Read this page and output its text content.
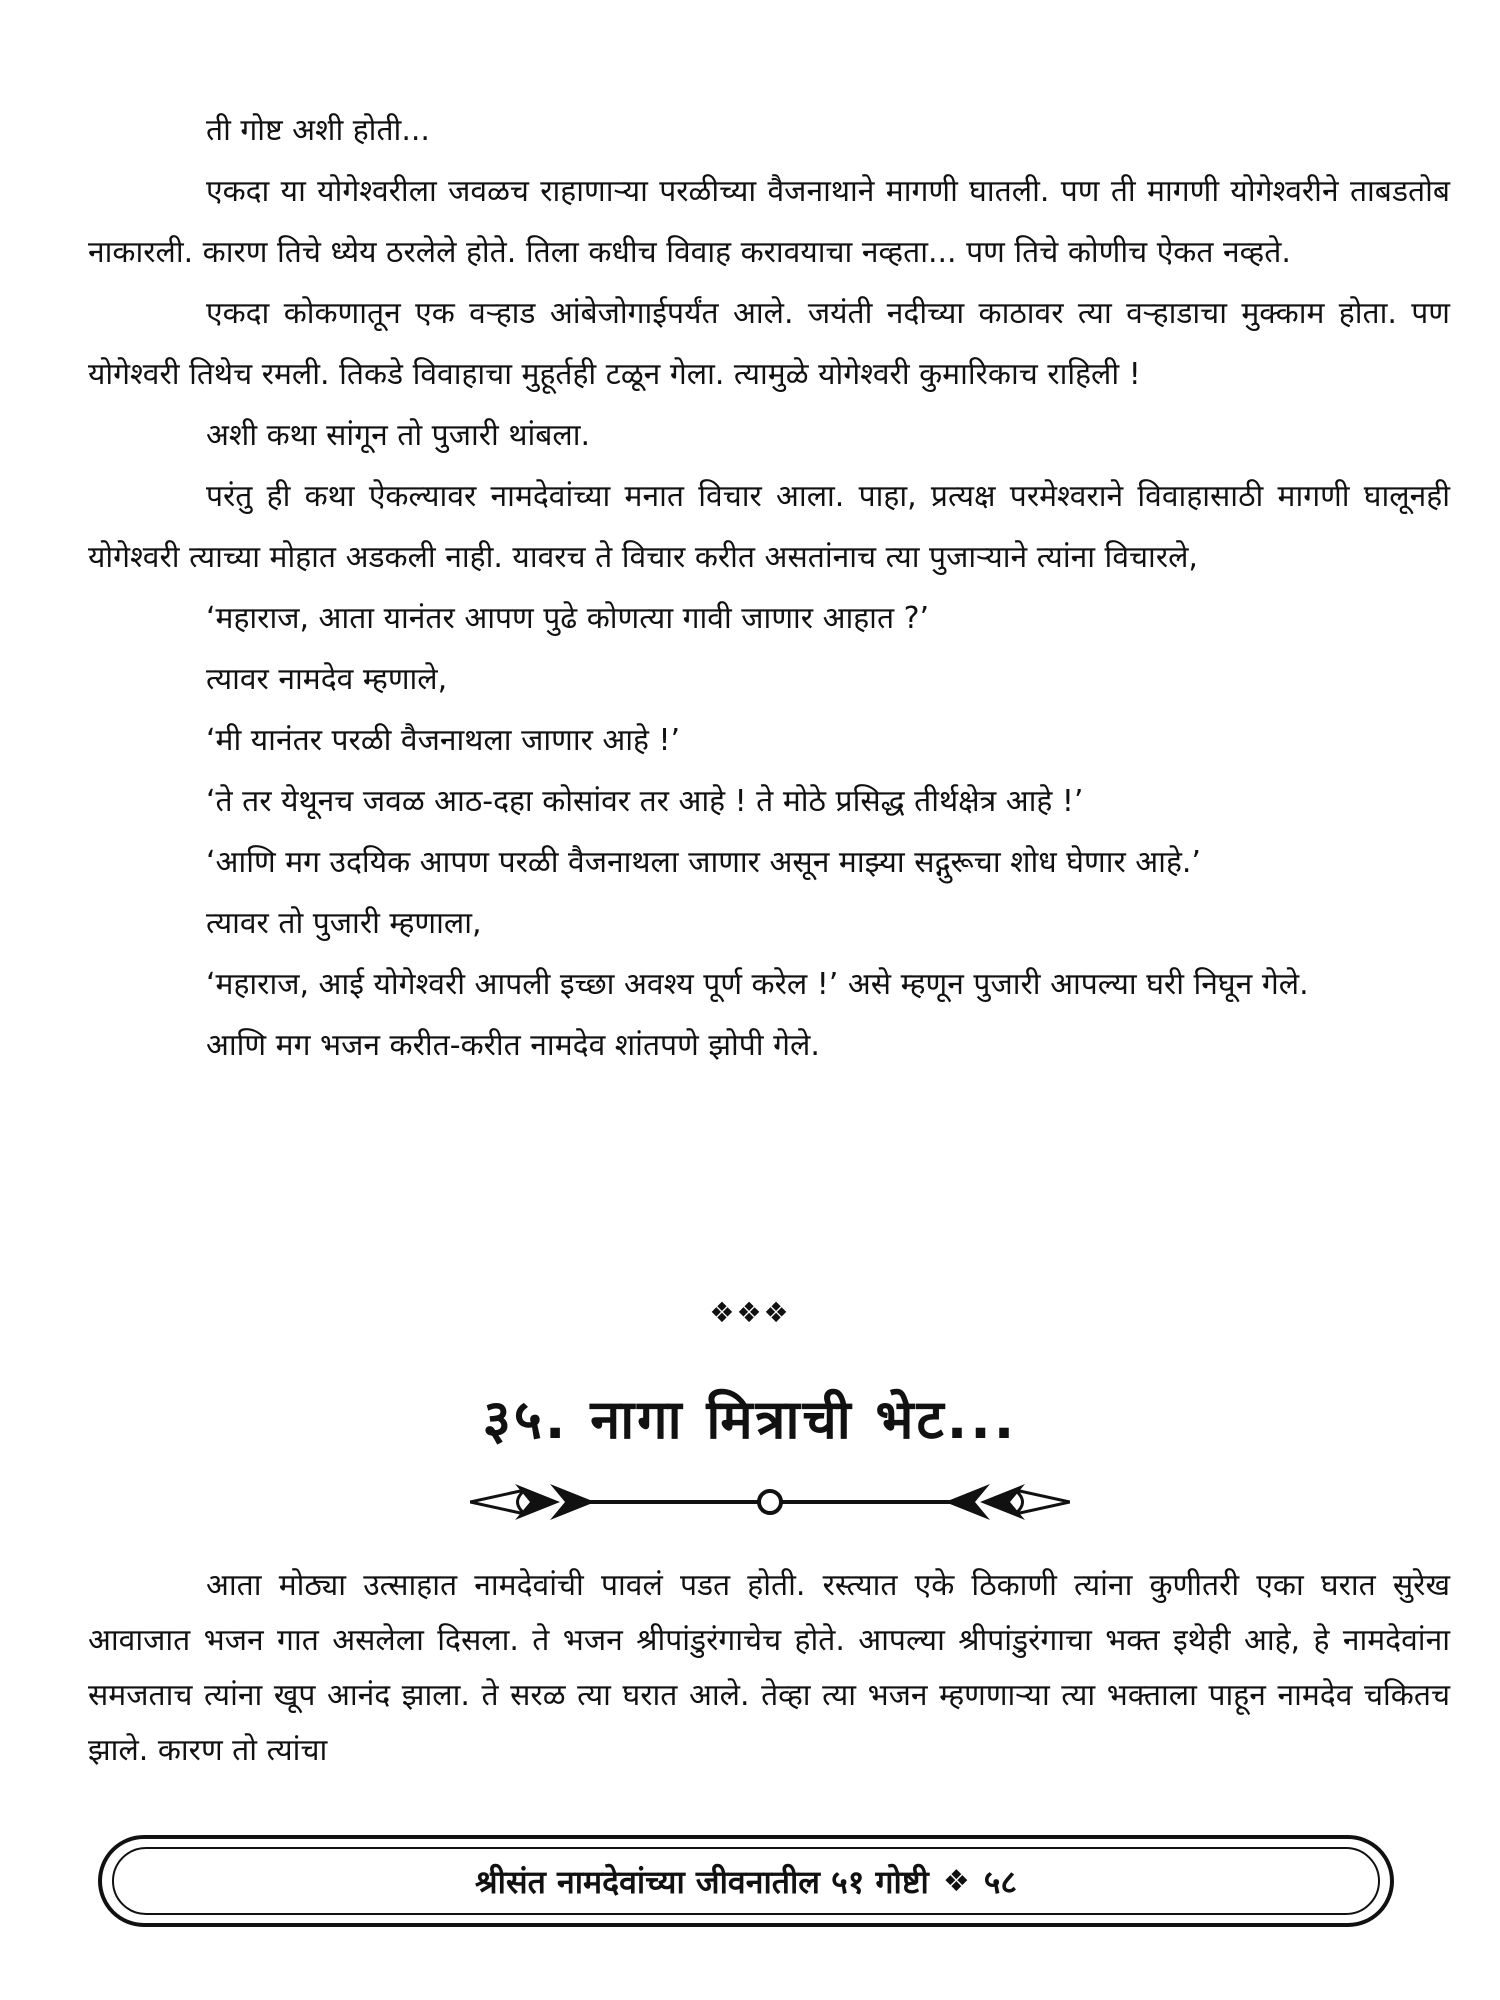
ती गोष्ट अशी होती...

एकदा या योगेश्वरीला जवळच राहाणाऱ्या परळीच्या वैजनाथाने मागणी घातली. पण ती मागणी योगेश्वरीने ताबडतोब नाकारली. कारण तिचे ध्येय ठरलेले होते. तिला कधीच विवाह करावयाचा नव्हता... पण तिचे कोणीच ऐकत नव्हते.

एकदा कोकणातून एक वऱ्हाड आंबेजोगाईपर्यंत आले. जयंती नदीच्या काठावर त्या वऱ्हाडाचा मुक्काम होता. पण योगेश्वरी तिथेच रमली. तिकडे विवाहाचा मुहूर्तही टळून गेला. त्यामुळे योगेश्वरी कुमारिकाच राहिली !

अशी कथा सांगून तो पुजारी थांबला.

परंतु ही कथा ऐकल्यावर नामदेवांच्या मनात विचार आला. पाहा, प्रत्यक्ष परमेश्वराने विवाहासाठी मागणी घालूनही योगेश्वरी त्याच्या मोहात अडकली नाही. यावरच ते विचार करीत असतांनाच त्या पुजाऱ्याने त्यांना विचारले,

‘महाराज, आता यानंतर आपण पुढे कोणत्या गावी जाणार आहात ?’

त्यावर नामदेव म्हणाले,

‘मी यानंतर परळी वैजनाथला जाणार आहे !’

‘ते तर येथूनच जवळ आठ-दहा कोसांवर तर आहे ! ते मोठे प्रसिद्ध तीर्थक्षेत्र आहे !’

‘आणि मग उदयिक आपण परळी वैजनाथला जाणार असून माझ्या सद्गुरूचा शोध घेणार आहे.’

त्यावर तो पुजारी म्हणाला,

‘महाराज, आई योगेश्वरी आपली इच्छा अवश्य पूर्ण करेल !’ असे म्हणून पुजारी आपल्या घरी निघून गेले.

आणि मग भजन करीत-करीत नामदेव शांतपणे झोपी गेले.

❖❖❖
३५. नागा मित्राची भेट...

आता मोठ्या उत्साहात नामदेवांची पावलं पडत होती. रस्त्यात एके ठिकाणी त्यांना कुणीतरी एका घरात सुरेख आवाजात भजन गात असलेला दिसला. ते भजन श्रीपांडुरंगाचेच होते. आपल्या श्रीपांडुरंगाचा भक्त इथेही आहे, हे नामदेवांना समजताच त्यांना खूप आनंद झाला. ते सरळ त्या घरात आले. तेव्हा त्या भजन म्हणणाऱ्या त्या भक्ताला पाहून नामदेव चकितच झाले. कारण तो त्यांचा

श्रीसंत नामदेवांच्या जीवनातील ५१ गोष्टी ❖ ५८
